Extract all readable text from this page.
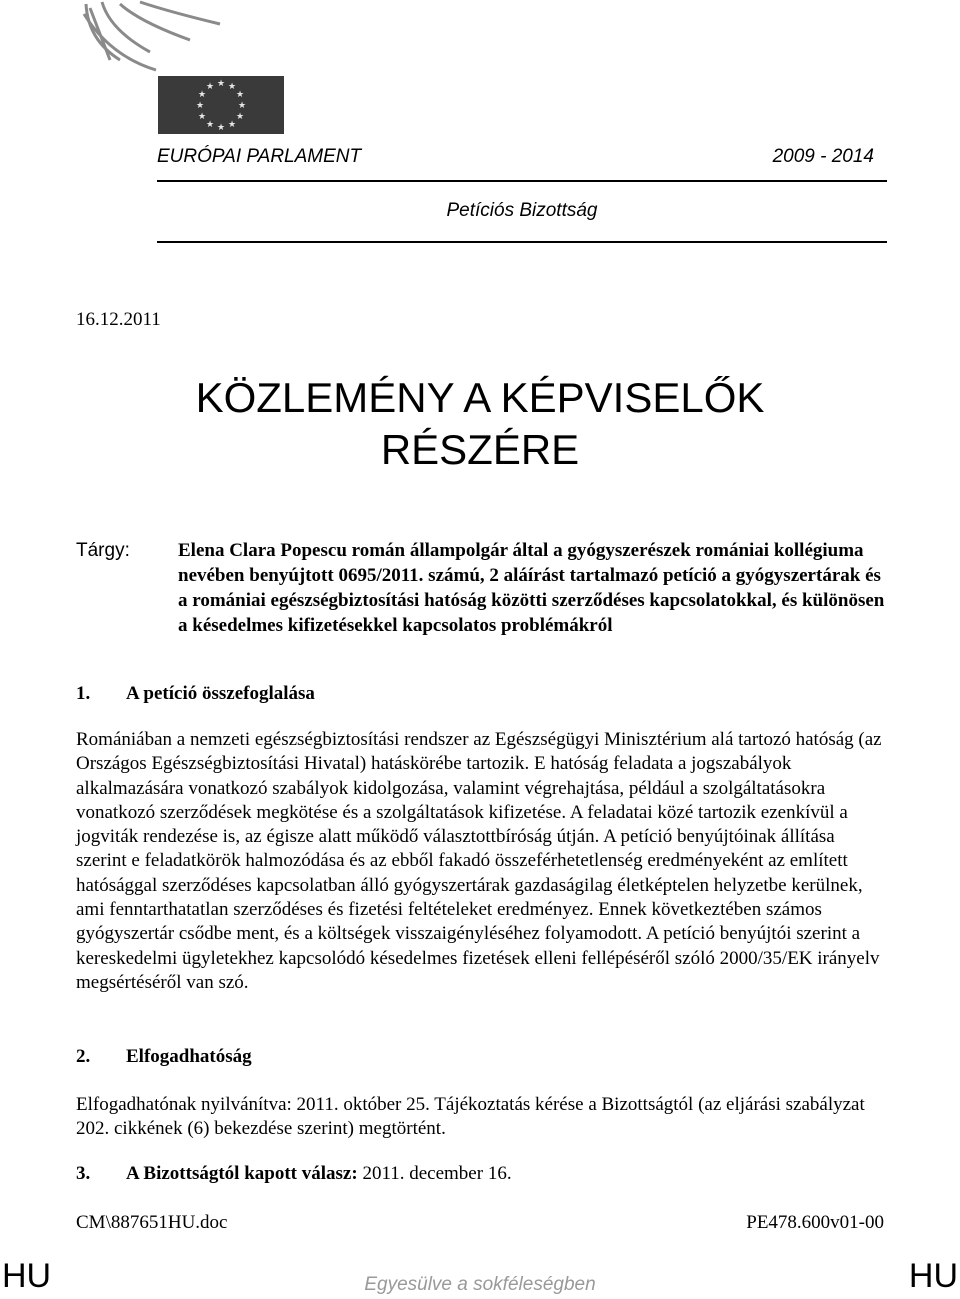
★ ★
★
★
★
★
★
★
★
★
★
★
EURÓPAI PARLAMENT	2009 - 2014
Petíciós Bizottság
16.12.2011
KÖZLEMÉNY A KÉPVISELŐK
RÉSZÉRE
Tárgy:	Elena Clara Popescu román állampolgár által a gyógyszerészek romániai kollégiuma nevében benyújtott 0695/2011. számú, 2 aláírást tartalmazó petíció a gyógyszertárak és a romániai egészségbiztosítási hatóság közötti szerződéses kapcsolatokkal, és különösen a késedelmes kifizetésekkel kapcsolatos problémákról
1. A petíció összefoglalása
Romániában a nemzeti egészségbiztosítási rendszer az Egészségügyi Minisztérium alá tartozó hatóság (az Országos Egészségbiztosítási Hivatal) hatáskörébe tartozik. E hatóság feladata a jogszabályok alkalmazására vonatkozó szabályok kidolgozása, valamint végrehajtása, például a szolgáltatásokra vonatkozó szerződések megkötése és a szolgáltatások kifizetése. A feladatai közé tartozik ezenkívül a jogviták rendezése is, az égisze alatt működő választottbíróság útján. A petíció benyújtóinak állítása szerint e feladatkörök halmozódása és az ebből fakadó összeférhetetlenség eredményeként az említett hatósággal szerződéses kapcsolatban álló gyógyszertárak gazdaságilag életképtelen helyzetbe kerülnek, ami fenntarthatatlan szerződéses és fizetési feltételeket eredményez. Ennek következtében számos gyógyszertár csődbe ment, és a költségek visszaigényléséhez folyamodott. A petíció benyújtói szerint a kereskedelmi ügyletekhez kapcsolódó késedelmes fizetések elleni fellépéséről szóló 2000/35/EK irányelv megsértéséről van szó.
2. Elfogadhatóság
Elfogadhatónak nyilvánítva: 2011. október 25. Tájékoztatás kérése a Bizottságtól (az eljárási szabályzat 202. cikkének (6) bekezdése szerint) megtörtént.
3. A Bizottságtól kapott válasz: 2011. december 16.
CM\887651HU.doc	PE478.600v01-00
HU	HU
Egyesülve a sokféleségben
